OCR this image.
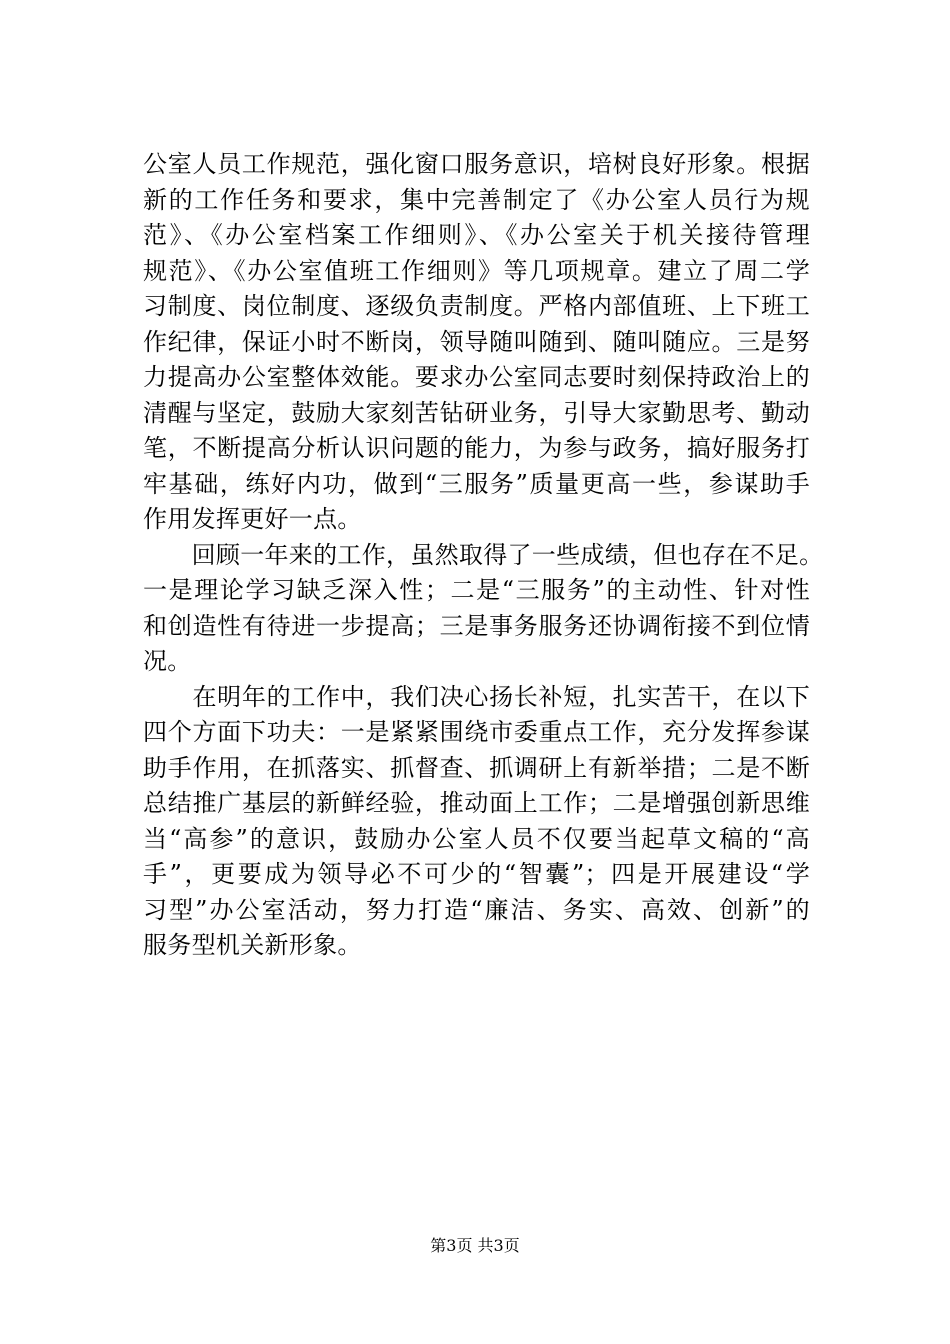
公室人员工作规范，强化窗口服务意识，培树良好形象。根据
新的工作任务和要求，集中完善制定了《办公室人员行为规
范》、《办公室档案工作细则》、《办公室关于机关接待管理
规范》、《办公室值班工作细则》等几项规章。建立了周二学
习制度、岗位制度、逐级负责制度。严格内部值班、上下班工
作纪律，保证小时不断岗，领导随叫随到、随叫随应。三是努
力提高办公室整体效能。要求办公室同志要时刻保持政治上的
清醒与坚定，鼓励大家刻苦钻研业务，引导大家勤思考、勤动
笔，不断提高分析认识问题的能力，为参与政务，搞好服务打
牢基础，练好内功，做到“三服务”质量更高一些，参谋助手
作用发挥更好一点。

　　回顾一年来的工作，虽然取得了一些成绩，但也存在不足。
一是理论学习缺乏深入性；二是“三服务”的主动性、针对性
和创造性有待进一步提高；三是事务服务还协调衔接不到位情
况。

　　在明年的工作中，我们决心扬长补短，扎实苦干，在以下
四个方面下功夫：一是紧紧围绕市委重点工作，充分发挥参谋
助手作用，在抓落实、抓督查、抓调研上有新举措；二是不断
总结推广基层的新鲜经验，推动面上工作；二是增强创新思维
当“高参”的意识，鼓励办公室人员不仅要当起草文稿的“高
手”，更要成为领导必不可少的“智囊”；四是开展建设“学
习型”办公室活动，努力打造“廉洁、务实、高效、创新”的
服务型机关新形象。

第3页 共3页
